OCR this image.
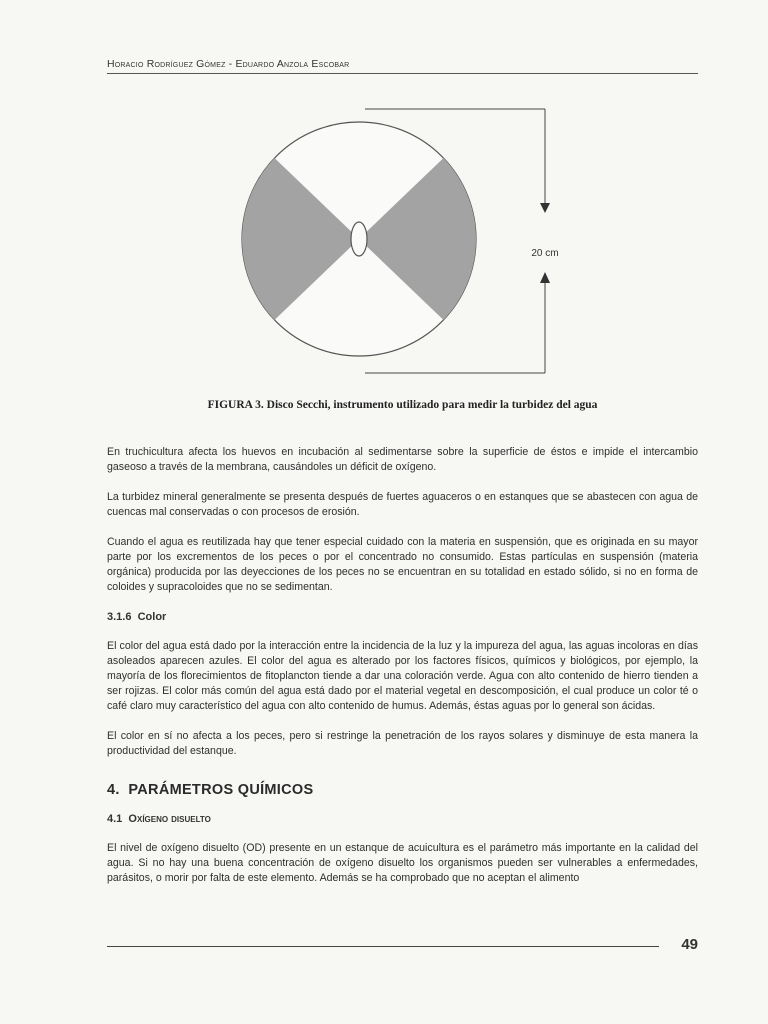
Horacio Rodríguez Gómez - Eduardo Anzola Escobar
20 cm
FIGURA 3. Disco Secchi, instrumento utilizado para medir la turbidez del agua

En truchicultura afecta los huevos en incubación al sedimentarse sobre la superficie de éstos e impide el intercambio gaseoso a través de la membrana, causándoles un déficit de oxígeno.

La turbidez mineral generalmente se presenta después de fuertes aguaceros o en estanques que se abastecen con agua de cuencas mal conservadas o con procesos de erosión.

Cuando el agua es reutilizada hay que tener especial cuidado con la materia en suspensión, que es originada en su mayor parte por los excrementos de los peces o por el concentrado no consumido. Estas partículas en suspensión (materia orgánica) producida por las deyecciones de los peces no se encuentran en su totalidad en estado sólido, si no en forma de coloides y supracoloides que no se sedimentan.

3.1.6 Color

El color del agua está dado por la interacción entre la incidencia de la luz y la impureza del agua, las aguas incoloras en días asoleados aparecen azules. El color del agua es alterado por los factores físicos, químicos y biológicos, por ejemplo, la mayoría de los florecimientos de fitoplancton tiende a dar una coloración verde. Agua con alto contenido de hierro tienden a ser rojizas. El color más común del agua está dado por el material vegetal en descomposición, el cual produce un color té o café claro muy característico del agua con alto contenido de humus. Además, éstas aguas por lo general son ácidas.

El color en sí no afecta a los peces, pero si restringe la penetración de los rayos solares y disminuye de esta manera la productividad del estanque.

4. PARÁMETROS QUÍMICOS
4.1 Oxígeno disuelto

El nivel de oxígeno disuelto (OD) presente en un estanque de acuicultura es el parámetro más importante en la calidad del agua. Si no hay una buena concentración de oxígeno disuelto los organismos pueden ser vulnerables a enfermedades, parásitos, o morir por falta de este elemento. Además se ha comprobado que no aceptan el alimento

49
